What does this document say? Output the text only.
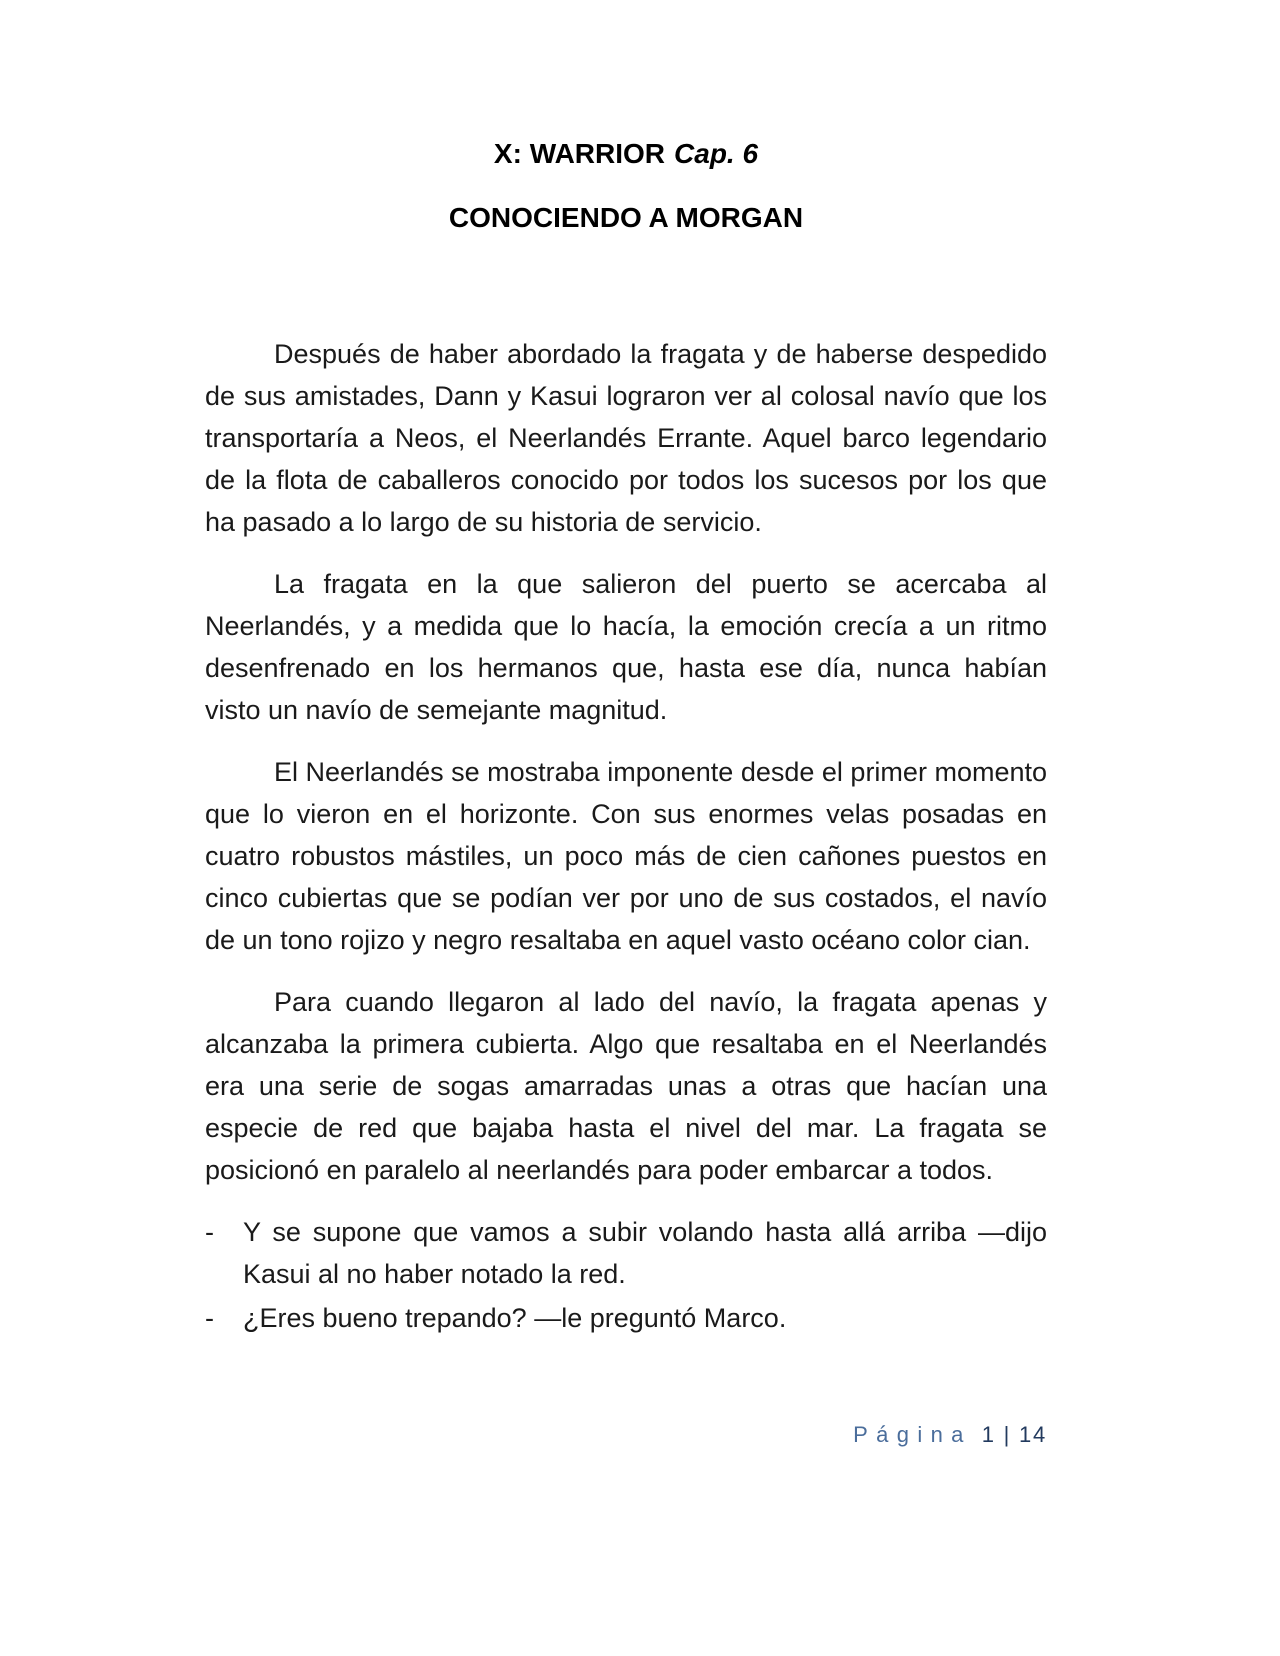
X: WARRIOR Cap. 6
CONOCIENDO A MORGAN

Después de haber abordado la fragata y de haberse despedido de sus amistades, Dann y Kasui lograron ver al colosal navío que los transportaría a Neos, el Neerlandés Errante. Aquel barco legendario de la flota de caballeros conocido por todos los sucesos por los que ha pasado a lo largo de su historia de servicio.

La fragata en la que salieron del puerto se acercaba al Neerlandés, y a medida que lo hacía, la emoción crecía a un ritmo desenfrenado en los hermanos que, hasta ese día, nunca habían visto un navío de semejante magnitud.

El Neerlandés se mostraba imponente desde el primer momento que lo vieron en el horizonte. Con sus enormes velas posadas en cuatro robustos mástiles, un poco más de cien cañones puestos en cinco cubiertas que se podían ver por uno de sus costados, el navío de un tono rojizo y negro resaltaba en aquel vasto océano color cian.

Para cuando llegaron al lado del navío, la fragata apenas y alcanzaba la primera cubierta. Algo que resaltaba en el Neerlandés era una serie de sogas amarradas unas a otras que hacían una especie de red que bajaba hasta el nivel del mar. La fragata se posicionó en paralelo al neerlandés para poder embarcar a todos.

-	Y se supone que vamos a subir volando hasta allá arriba —dijo Kasui al no haber notado la red.
-	¿Eres bueno trepando? —le preguntó Marco.
Página 1 | 14
